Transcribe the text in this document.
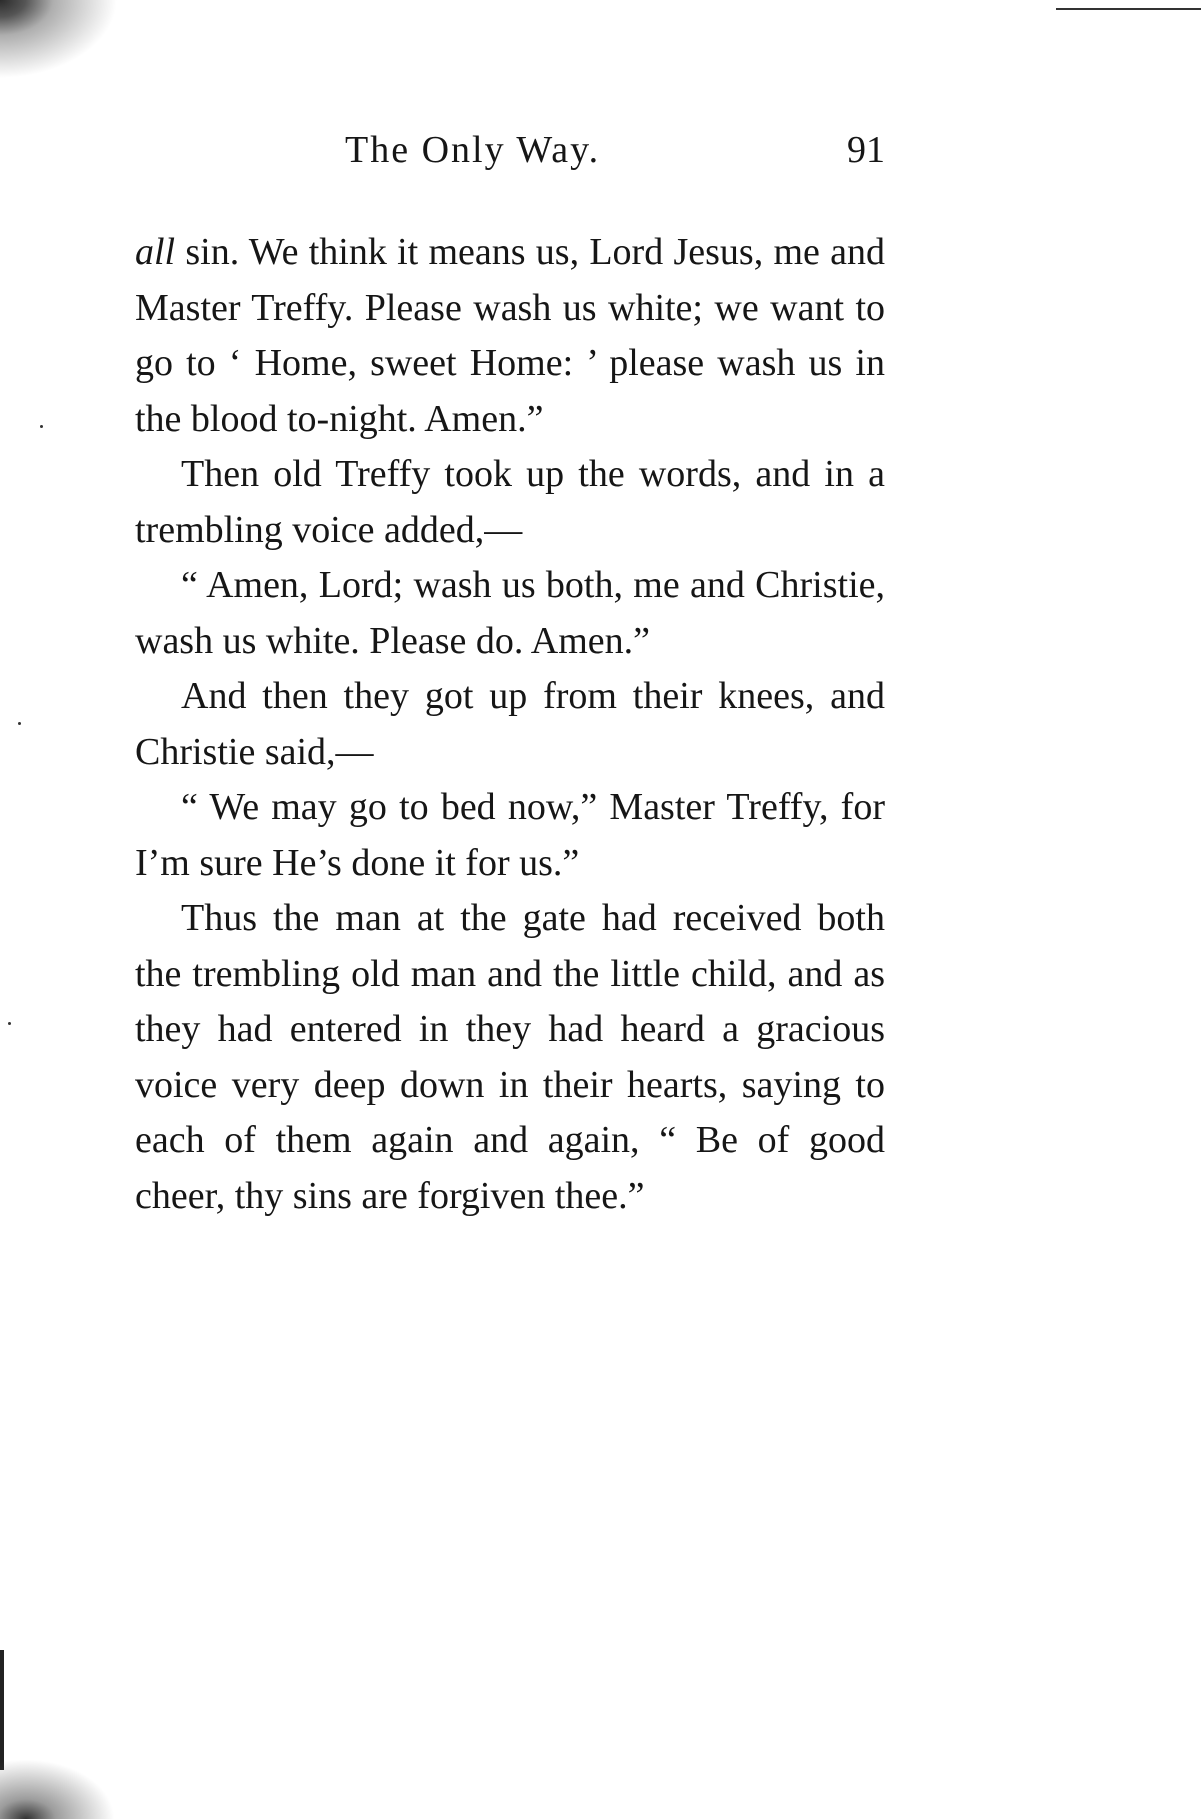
The Only Way.	91

all sin. We think it means us, Lord Jesus, me and Master Treffy. Please wash us white; we want to go to ‘ Home, sweet Home: ’ please wash us in the blood to-night. Amen.”

Then old Treffy took up the words, and in a trembling voice added,—

“ Amen, Lord; wash us both, me and Christie, wash us white. Please do. Amen.”

And then they got up from their knees, and Christie said,—

“ We may go to bed now,” Master Treffy, for I’m sure He’s done it for us.”

Thus the man at the gate had received both the trembling old man and the little child, and as they had entered in they had heard a gracious voice very deep down in their hearts, saying to each of them again and again, “ Be of good cheer, thy sins are forgiven thee.”
